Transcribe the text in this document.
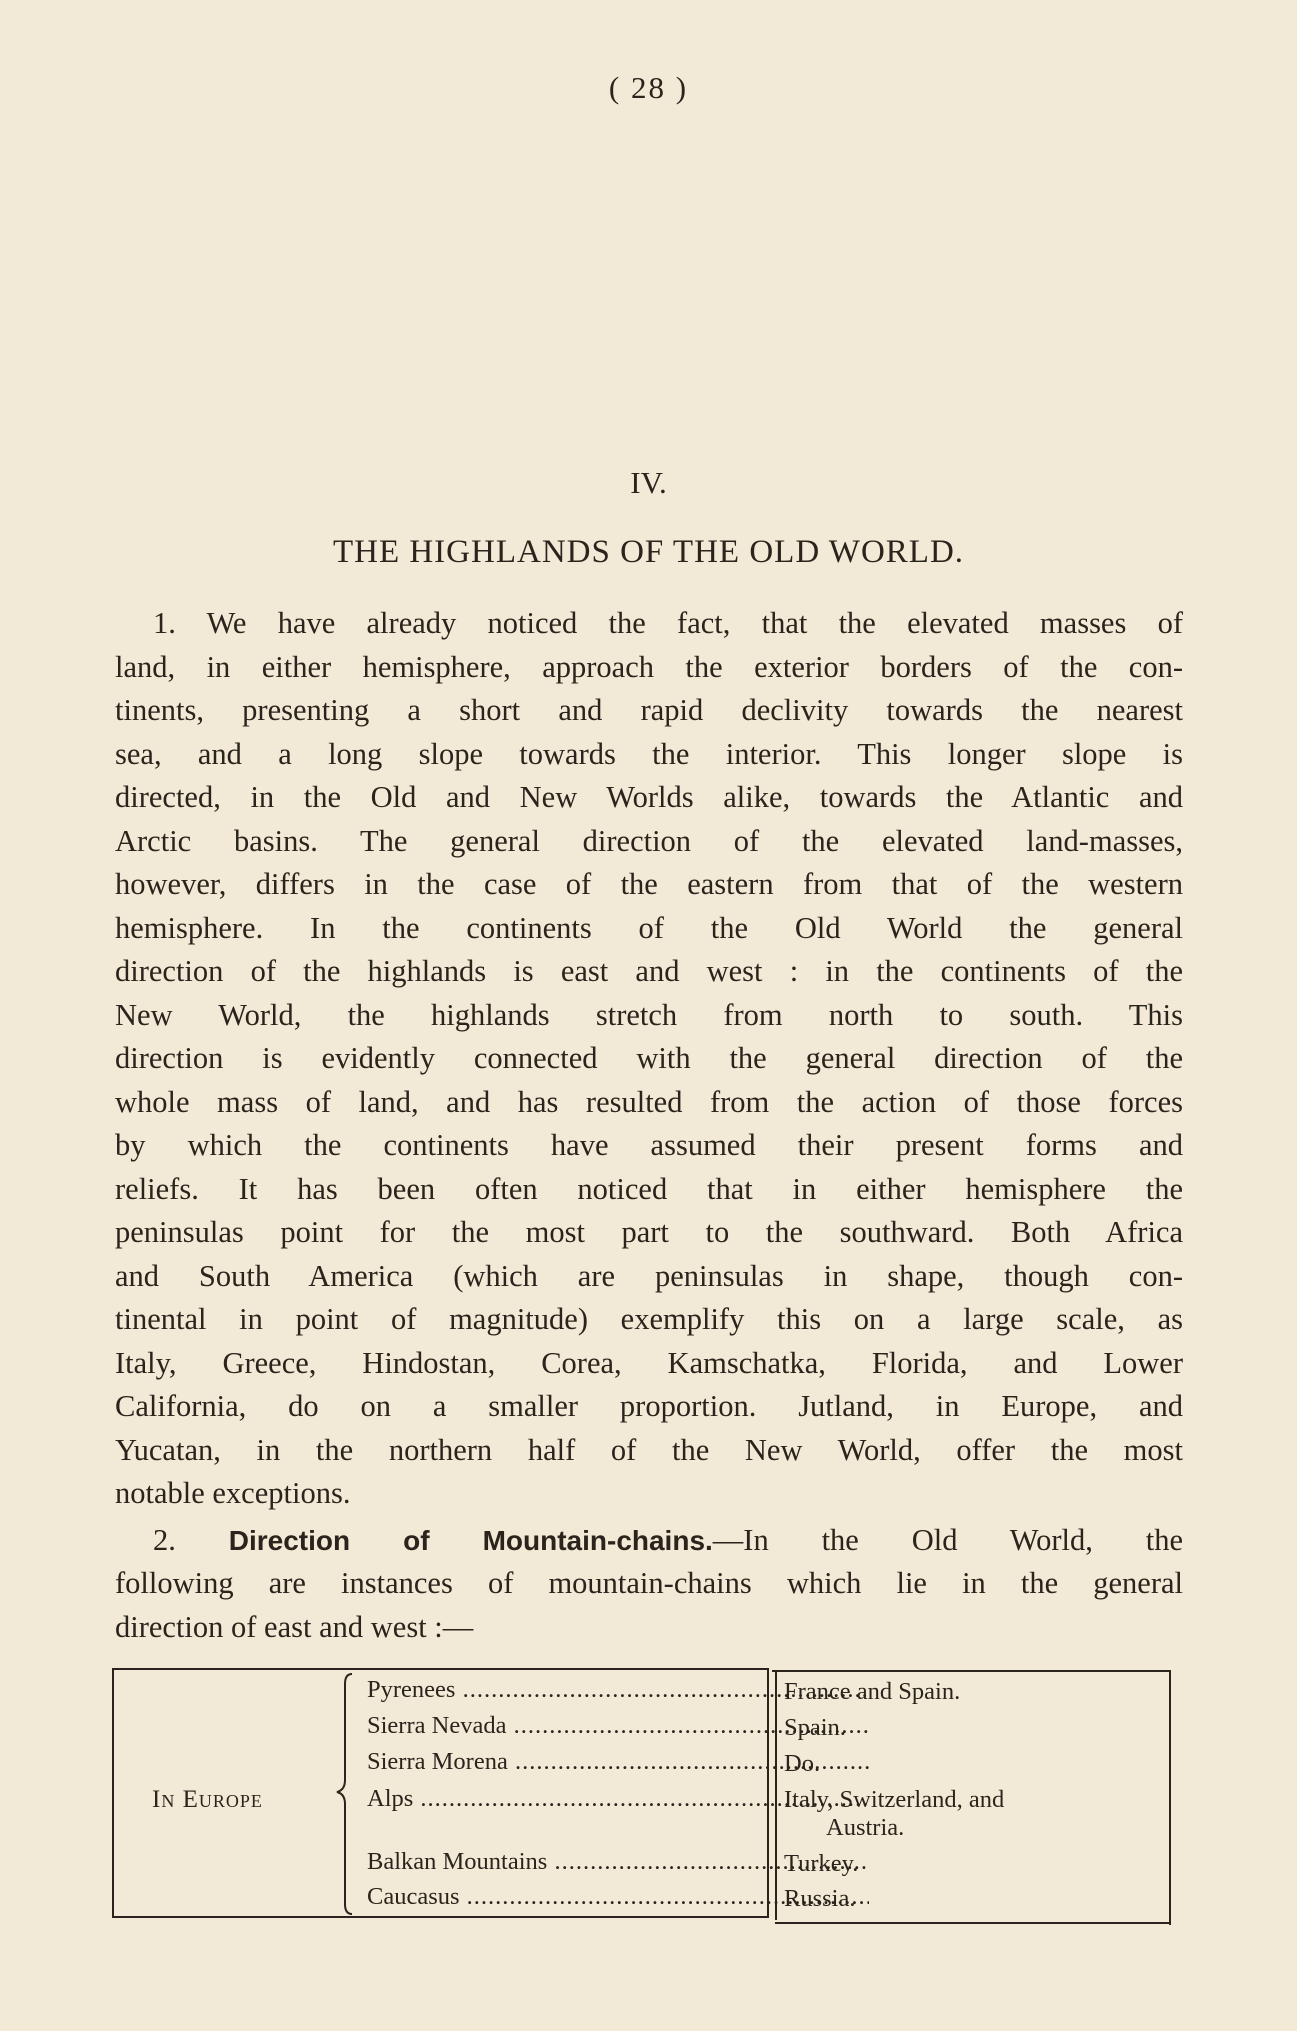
( 28 )
IV.
THE HIGHLANDS OF THE OLD WORLD.
1. We have already noticed the fact, that the elevated masses of
land, in either hemisphere, approach the exterior borders of the con-
tinents, presenting a short and rapid declivity towards the nearest
sea, and a long slope towards the interior. This longer slope is
directed, in the Old and New Worlds alike, towards the Atlantic and
Arctic basins. The general direction of the elevated land-masses,
however, differs in the case of the eastern from that of the western
hemisphere. In the continents of the Old World the general
direction of the highlands is east and west : in the continents of the
New World, the highlands stretch from north to south. This
direction is evidently connected with the general direction of the
whole mass of land, and has resulted from the action of those forces
by which the continents have assumed their present forms and
reliefs. It has been often noticed that in either hemisphere the
peninsulas point for the most part to the southward. Both Africa
and South America (which are peninsulas in shape, though con-
tinental in point of magnitude) exemplify this on a large scale, as
Italy, Greece, Hindostan, Corea, Kamschatka, Florida, and Lower
California, do on a smaller proportion. Jutland, in Europe, and
Yucatan, in the northern half of the New World, offer the most
notable exceptions.
2. Direction of Mountain-chains.—In the Old World, the
following are instances of mountain-chains which lie in the general
direction of east and west :—
In Europe
Pyrenees .....
Sierra Nevada .....
Sierra Morena .....
Alps .....
Balkan Mountains .....
Caucasus .....
France and Spain.
Spain.
Do.
Italy, Switzerland, and
Austria.
Turkey.
Russia.
